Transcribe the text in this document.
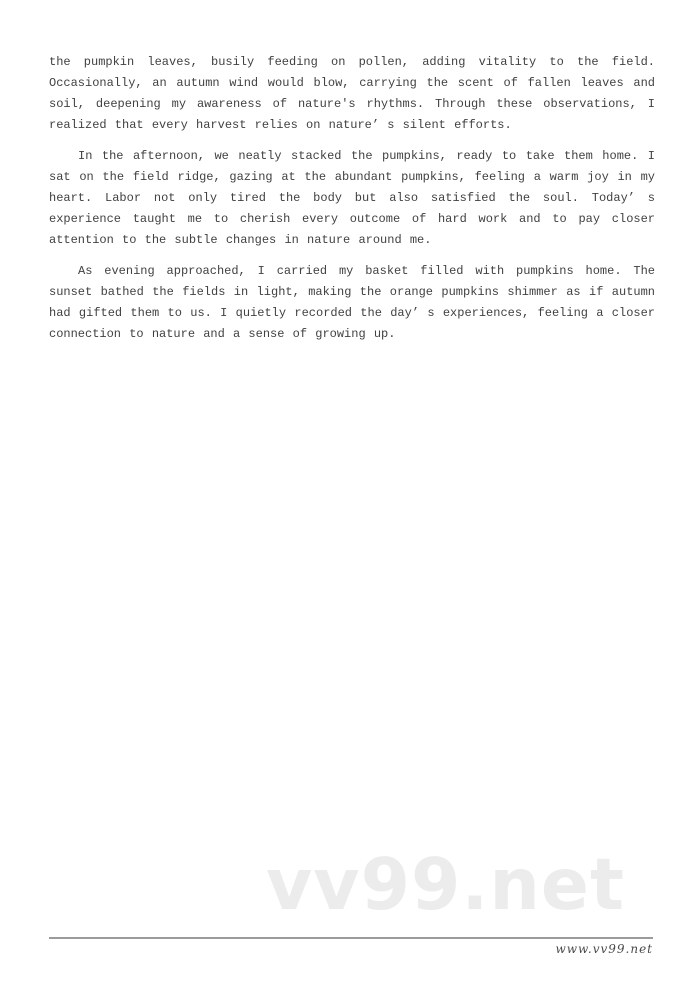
the pumpkin leaves, busily feeding on pollen, adding vitality to the field. Occasionally, an autumn wind would blow, carrying the scent of fallen leaves and soil, deepening my awareness of nature's rhythms. Through these observations, I realized that every harvest relies on nature’ s silent efforts.

In the afternoon, we neatly stacked the pumpkins, ready to take them home. I sat on the field ridge, gazing at the abundant pumpkins, feeling a warm joy in my heart. Labor not only tired the body but also satisfied the soul. Today’ s experience taught me to cherish every outcome of hard work and to pay closer attention to the subtle changes in nature around me.

As evening approached, I carried my basket filled with pumpkins home. The sunset bathed the fields in light, making the orange pumpkins shimmer as if autumn had gifted them to us. I quietly recorded the day’ s experiences, feeling a closer connection to nature and a sense of growing up.

vv99.net
www.vv99.net
